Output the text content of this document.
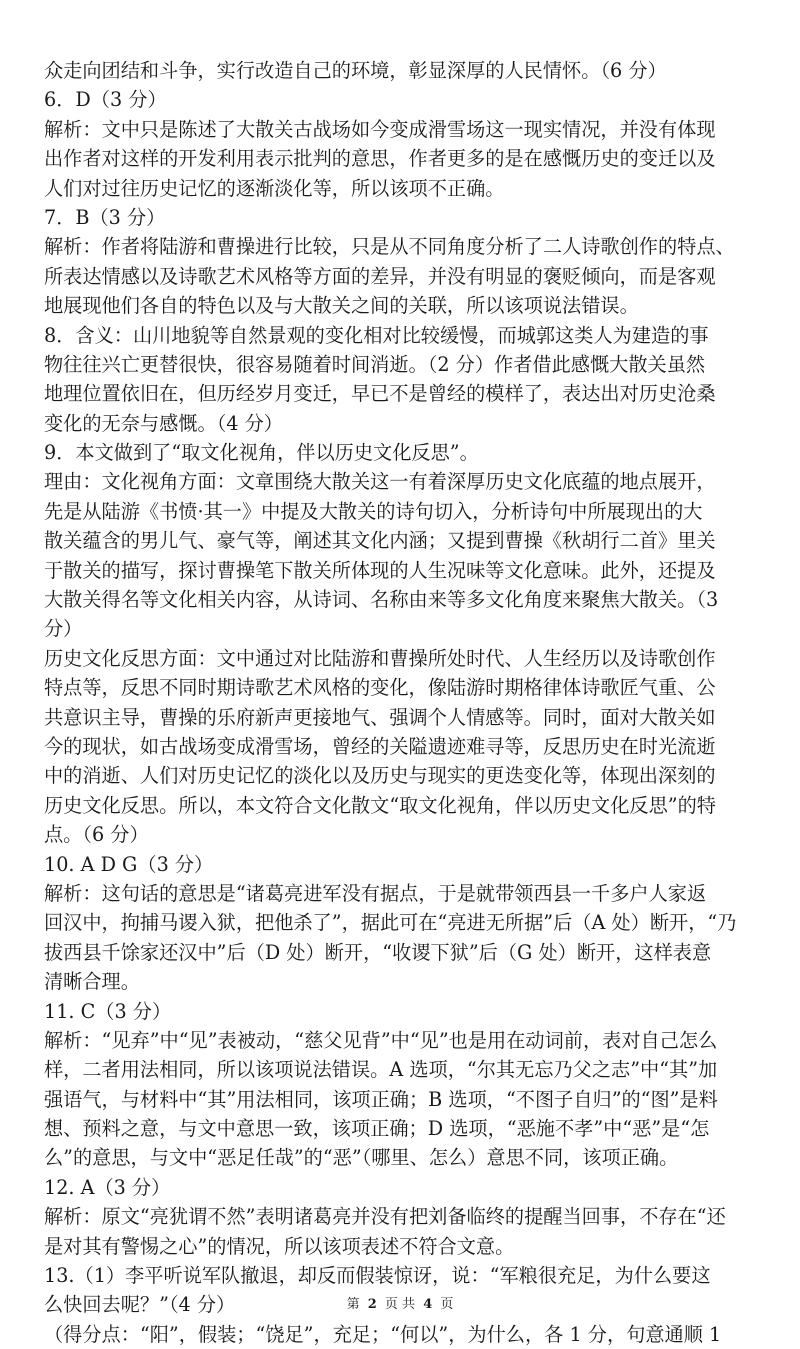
众走向团结和斗争，实行改造自己的环境，彰显深厚的人民情怀。（6 分）
6．D（3 分）
解析：文中只是陈述了大散关古战场如今变成滑雪场这一现实情况，并没有体现
出作者对这样的开发利用表示批判的意思，作者更多的是在感慨历史的变迁以及
人们对过往历史记忆的逐渐淡化等，所以该项不正确。
7．B（3 分）
解析：作者将陆游和曹操进行比较，只是从不同角度分析了二人诗歌创作的特点、
所表达情感以及诗歌艺术风格等方面的差异，并没有明显的褒贬倾向，而是客观
地展现他们各自的特色以及与大散关之间的关联，所以该项说法错误。
8．含义：山川地貌等自然景观的变化相对比较缓慢，而城郭这类人为建造的事
物往往兴亡更替很快，很容易随着时间消逝。（2 分）作者借此感慨大散关虽然
地理位置依旧在，但历经岁月变迁，早已不是曾经的模样了，表达出对历史沧桑
变化的无奈与感慨。（4 分）
9．本文做到了“取文化视角，伴以历史文化反思”。
理由：文化视角方面：文章围绕大散关这一有着深厚历史文化底蕴的地点展开，
先是从陆游《书愤·其一》中提及大散关的诗句切入，分析诗句中所展现出的大
散关蕴含的男儿气、豪气等，阐述其文化内涵；又提到曹操《秋胡行二首》里关
于散关的描写，探讨曹操笔下散关所体现的人生况味等文化意味。此外，还提及
大散关得名等文化相关内容，从诗词、名称由来等多文化角度来聚焦大散关。（3
分）
历史文化反思方面：文中通过对比陆游和曹操所处时代、人生经历以及诗歌创作
特点等，反思不同时期诗歌艺术风格的变化，像陆游时期格律体诗歌匠气重、公
共意识主导，曹操的乐府新声更接地气、强调个人情感等。同时，面对大散关如
今的现状，如古战场变成滑雪场，曾经的关隘遗迹难寻等，反思历史在时光流逝
中的消逝、人们对历史记忆的淡化以及历史与现实的更迭变化等，体现出深刻的
历史文化反思。所以，本文符合文化散文“取文化视角，伴以历史文化反思”的特
点。（6 分）
10. A D G（3 分）
解析：这句话的意思是“诸葛亮进军没有据点，于是就带领西县一千多户人家返
回汉中，拘捕马谡入狱，把他杀了”，据此可在“亮进无所据”后（A 处）断开，“乃
拔西县千馀家还汉中”后（D 处）断开，“收谡下狱”后（G 处）断开，这样表意
清晰合理。
11. C（3 分）
解析：“见弃”中“见”表被动，“慈父见背”中“见”也是用在动词前，表对自己怎么
样，二者用法相同，所以该项说法错误。A 选项，“尔其无忘乃父之志”中“其”加
强语气，与材料中“其”用法相同，该项正确；B 选项，“不图子自归”的“图”是料
想、预料之意，与文中意思一致，该项正确；D 选项，“恶施不孝”中“恶”是“怎
么”的意思，与文中“恶足任哉”的“恶”（哪里、怎么）意思不同，该项正确。
12. A（3 分）
解析：原文“亮犹谓不然”表明诸葛亮并没有把刘备临终的提醒当回事，不存在“还
是对其有警惕之心”的情况，所以该项表述不符合文意。
13.（1）李平听说军队撤退，却反而假装惊讶，说：“军粮很充足，为什么要这
么快回去呢？”（4 分）
（得分点：“阳”，假装；“饶足”，充足；“何以”，为什么，各 1 分，句意通顺 1
第 2 页 共 4 页
